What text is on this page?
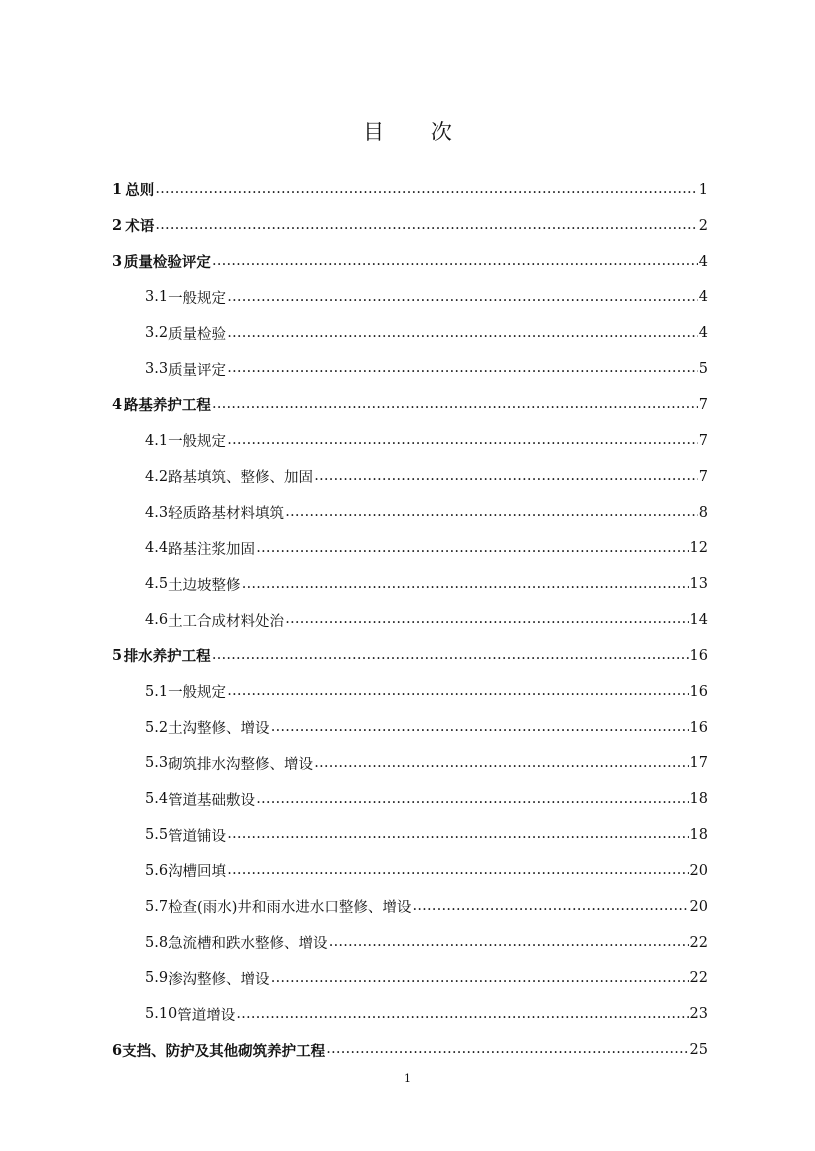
目 次
1 总则 …………………………………………………………………………………………………………………………………………………………………………………………………………	1
2 术语 …………………………………………………………………………………………………………………………………………………………………………………………………………	2
3 质量检验评定 …………………………………………………………………………………………………………………………………………………………………………………………………………	4
3.1 一般规定 …………………………………………………………………………………………………………………………………………………………………………………………………………	4
3.2 质量检验 …………………………………………………………………………………………………………………………………………………………………………………………………………	4
3.3 质量评定 …………………………………………………………………………………………………………………………………………………………………………………………………………	5
4 路基养护工程 …………………………………………………………………………………………………………………………………………………………………………………………………………	7
4.1 一般规定 …………………………………………………………………………………………………………………………………………………………………………………………………………	7
4.2 路基填筑、整修、加固 …………………………………………………………………………………………………………………………………………………………………………………………………………	7
4.3 轻质路基材料填筑 …………………………………………………………………………………………………………………………………………………………………………………………………………	8
4.4 路基注浆加固 …………………………………………………………………………………………………………………………………………………………………………………………………………	12
4.5 土边坡整修 …………………………………………………………………………………………………………………………………………………………………………………………………………	13
4.6 土工合成材料处治 …………………………………………………………………………………………………………………………………………………………………………………………………………	14
5 排水养护工程 …………………………………………………………………………………………………………………………………………………………………………………………………………	16
5.1 一般规定 …………………………………………………………………………………………………………………………………………………………………………………………………………	16
5.2 土沟整修、增设 …………………………………………………………………………………………………………………………………………………………………………………………………………	16
5.3 砌筑排水沟整修、增设 …………………………………………………………………………………………………………………………………………………………………………………………………………	17
5.4 管道基础敷设 …………………………………………………………………………………………………………………………………………………………………………………………………………	18
5.5 管道铺设 …………………………………………………………………………………………………………………………………………………………………………………………………………	18
5.6 沟槽回填 …………………………………………………………………………………………………………………………………………………………………………………………………………	20
5.7 检查(雨水)井和雨水进水口整修、增设 …………………………………………………………………………………………………………………………………………………………………………………………………………	20
5.8 急流槽和跌水整修、增设 …………………………………………………………………………………………………………………………………………………………………………………………………………	22
5.9 渗沟整修、增设 …………………………………………………………………………………………………………………………………………………………………………………………………………	22
5.10 管道增设 …………………………………………………………………………………………………………………………………………………………………………………………………………	23
6 支挡、防护及其他砌筑养护工程 …………………………………………………………………………………………………………………………………………………………………………………………………………	25
1
